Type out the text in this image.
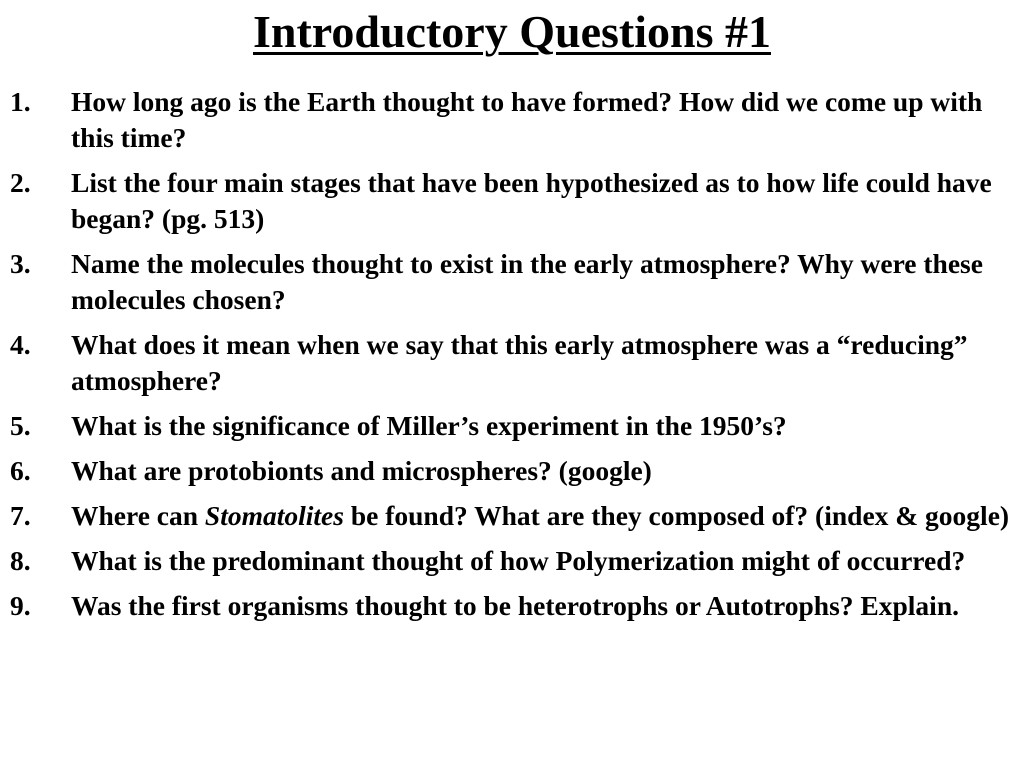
Introductory Questions #1
1. How long ago is the Earth thought to have formed? How did we come up with this time?
2. List the four main stages that have been hypothesized as to how life could have began? (pg. 513)
3. Name the molecules thought to exist in the early atmosphere? Why were these molecules chosen?
4. What does it mean when we say that this early atmosphere was a “reducing” atmosphere?
5. What is the significance of Miller’s experiment in the 1950’s?
6. What are protobionts and microspheres? (google)
7. Where can Stomatolites be found? What are they composed of? (index & google)
8. What is the predominant thought of how Polymerization might of occurred?
9. Was the first organisms thought to be heterotrophs or Autotrophs? Explain.
